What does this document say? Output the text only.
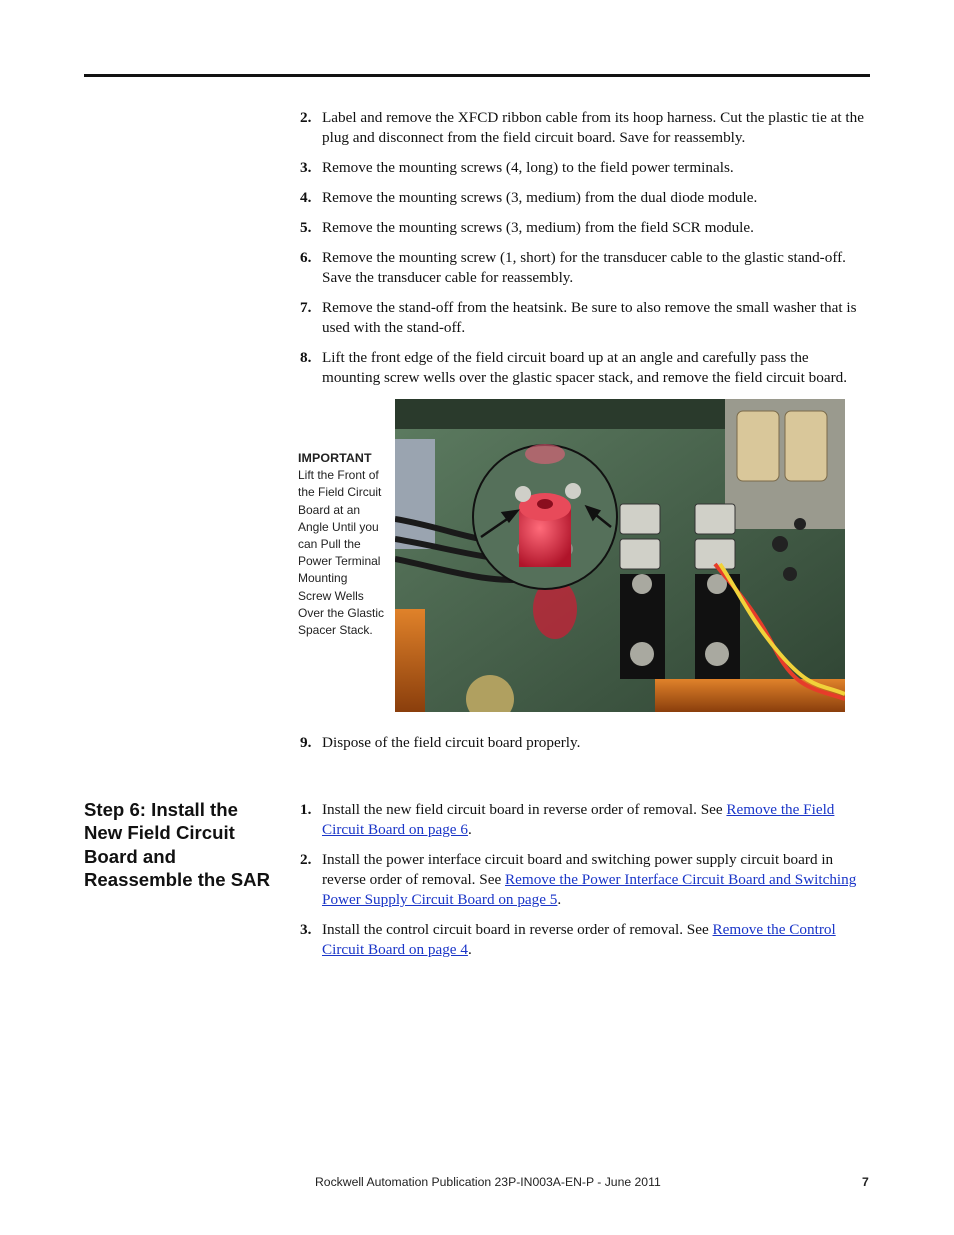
2. Label and remove the XFCD ribbon cable from its hoop harness. Cut the plastic tie at the plug and disconnect from the field circuit board. Save for reassembly.
3. Remove the mounting screws (4, long) to the field power terminals.
4. Remove the mounting screws (3, medium) from the dual diode module.
5. Remove the mounting screws (3, medium) from the field SCR module.
6. Remove the mounting screw (1, short) for the transducer cable to the glastic stand-off. Save the transducer cable for reassembly.
7. Remove the stand-off from the heatsink. Be sure to also remove the small washer that is used with the stand-off.
8. Lift the front edge of the field circuit board up at an angle and carefully pass the mounting screw wells over the glastic spacer stack, and remove the field circuit board.
IMPORTANT
Lift the Front of
the Field Circuit
Board at an
Angle Until you
can Pull the
Power Terminal
Mounting
Screw Wells
Over the Glastic
Spacer Stack.
9. Dispose of the field circuit board properly.
Step 6: Install the New Field Circuit Board and Reassemble the SAR
1. Install the new field circuit board in reverse order of removal. See Remove the Field Circuit Board on page 6.
2. Install the power interface circuit board and switching power supply circuit board in reverse order of removal. See Remove the Power Interface Circuit Board and Switching Power Supply Circuit Board on page 5.
3. Install the control circuit board in reverse order of removal. See Remove the Control Circuit Board on page 4.
Rockwell Automation Publication 23P-IN003A-EN-P - June 2011	7
